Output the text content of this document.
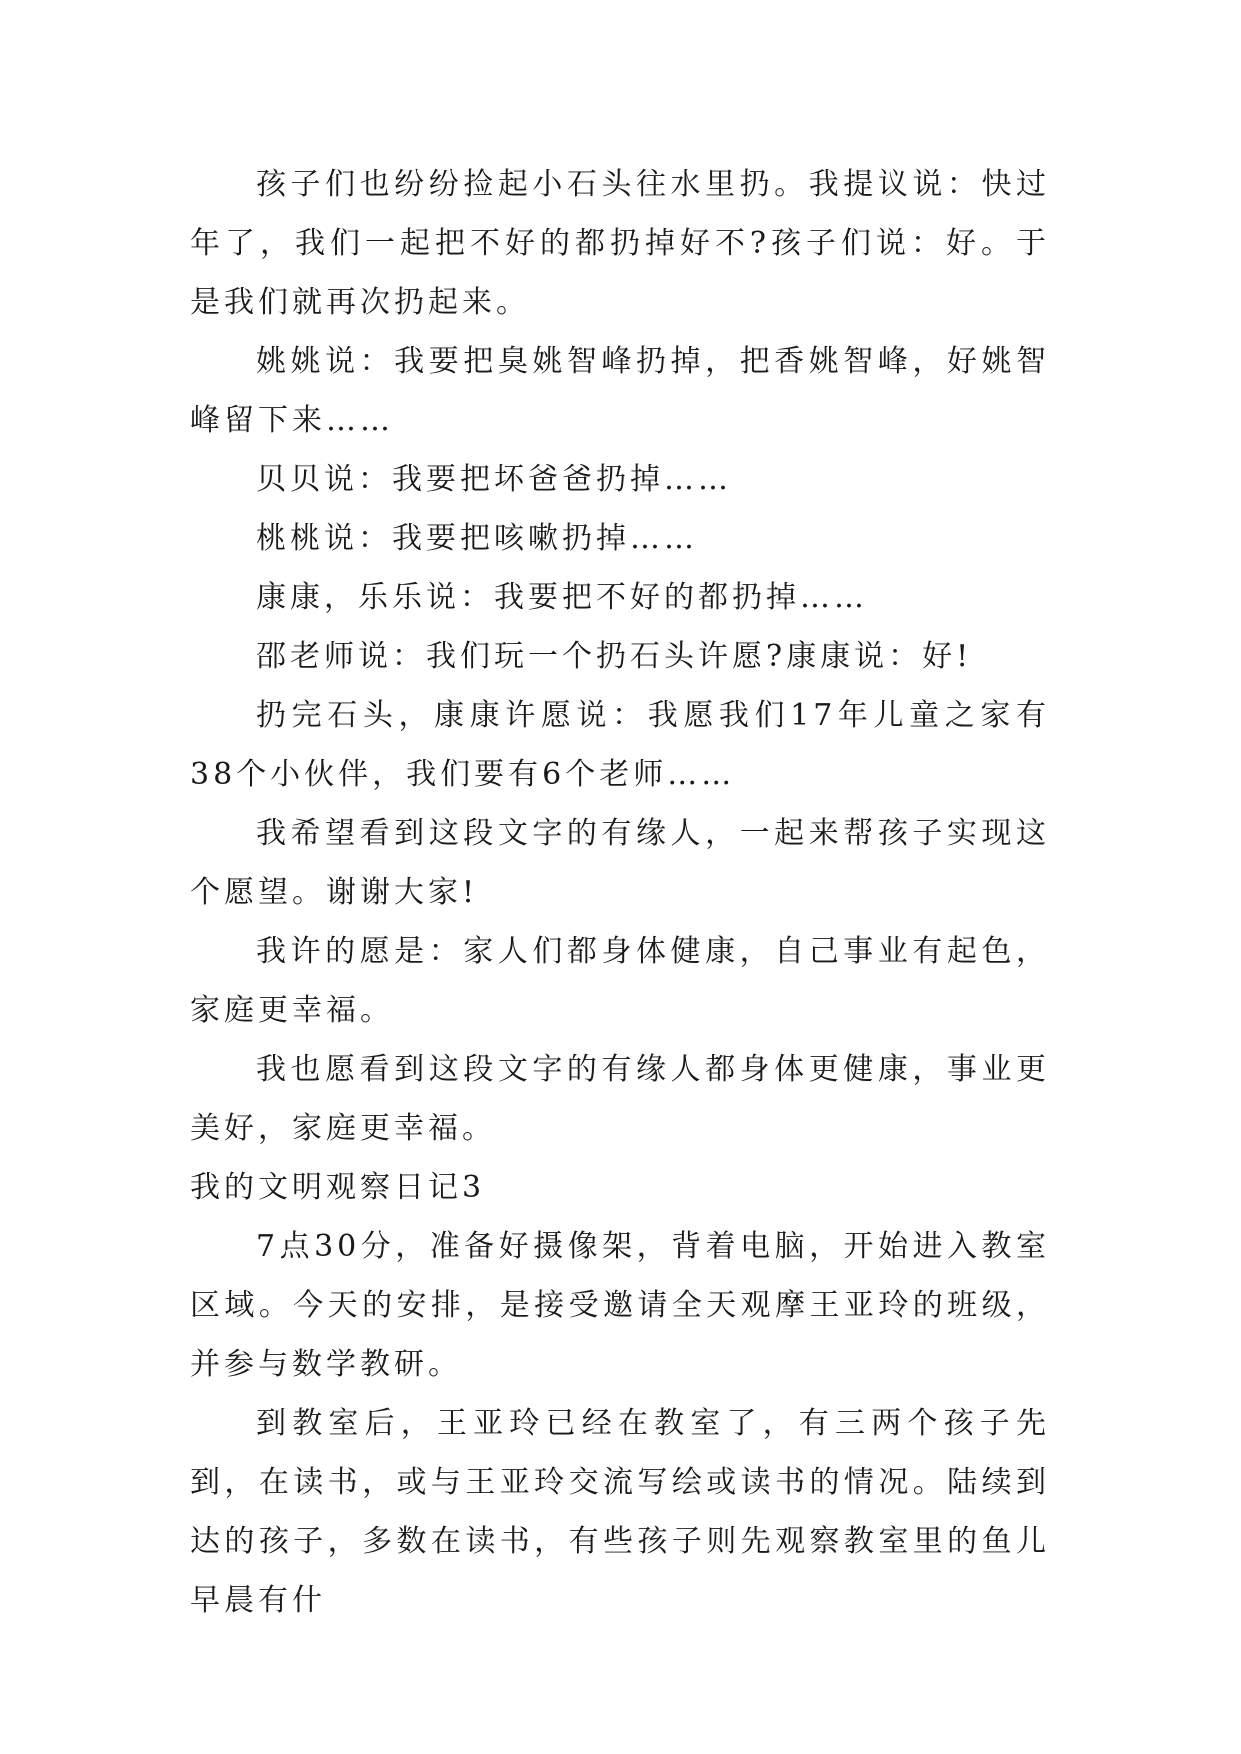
孩子们也纷纷捡起小石头往水里扔。我提议说：快过年了，我们一起把不好的都扔掉好不?孩子们说：好。于是我们就再次扔起来。

姚姚说：我要把臭姚智峰扔掉，把香姚智峰，好姚智峰留下来……

贝贝说：我要把坏爸爸扔掉……

桃桃说：我要把咳嗽扔掉……

康康，乐乐说：我要把不好的都扔掉……

邵老师说：我们玩一个扔石头许愿?康康说：好!

扔完石头，康康许愿说：我愿我们17年儿童之家有38个小伙伴，我们要有6个老师……

我希望看到这段文字的有缘人，一起来帮孩子实现这个愿望。谢谢大家!

我许的愿是：家人们都身体健康，自己事业有起色，家庭更幸福。

我也愿看到这段文字的有缘人都身体更健康，事业更美好，家庭更幸福。

我的文明观察日记3

7点30分，准备好摄像架，背着电脑，开始进入教室区域。今天的安排，是接受邀请全天观摩王亚玲的班级，并参与数学教研。

到教室后，王亚玲已经在教室了，有三两个孩子先到，在读书，或与王亚玲交流写绘或读书的情况。陆续到达的孩子，多数在读书，有些孩子则先观察教室里的鱼儿早晨有什
